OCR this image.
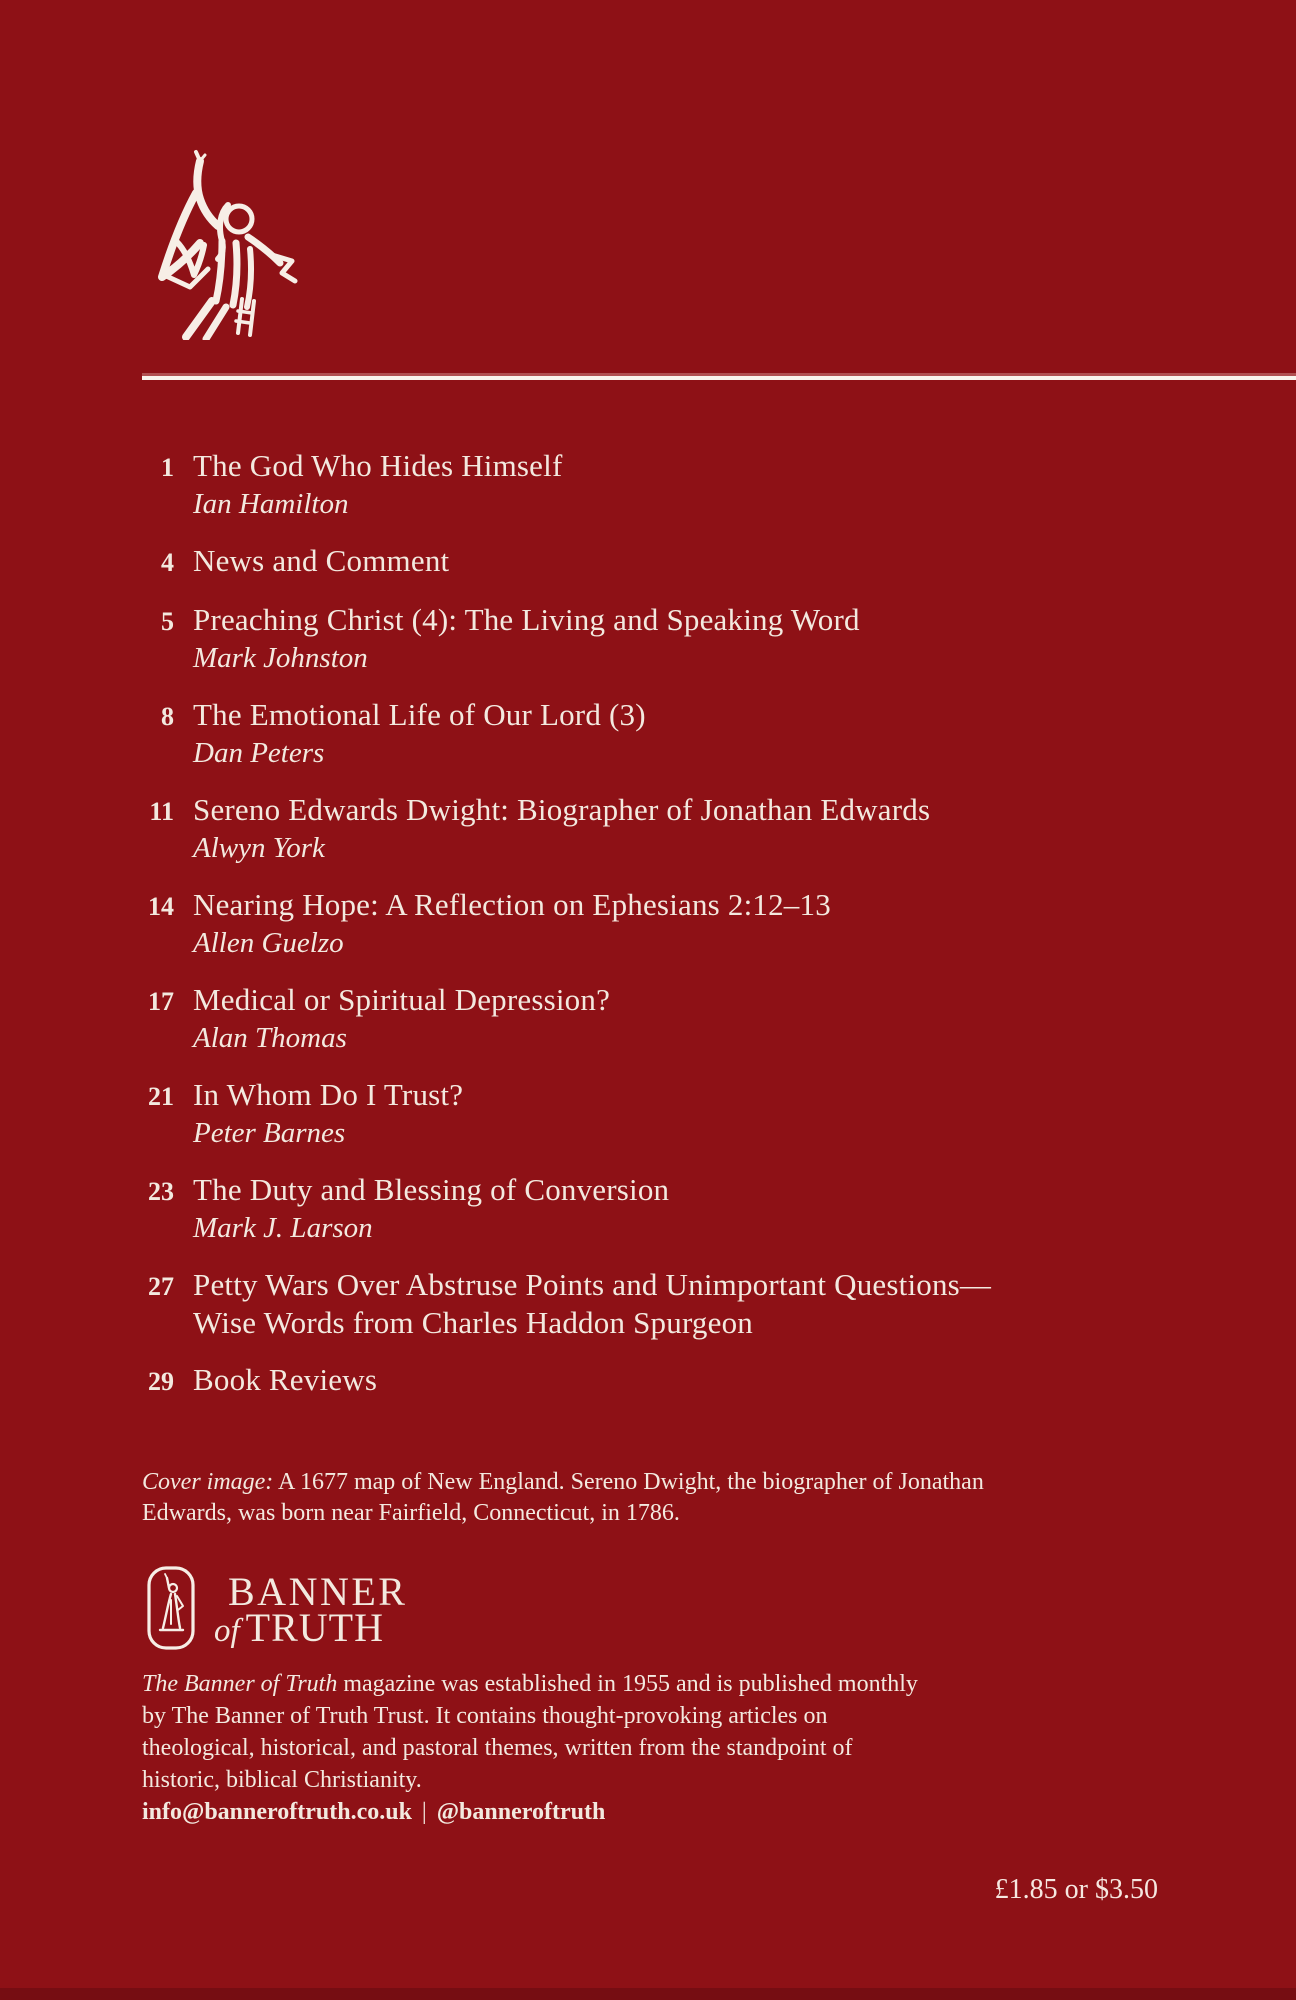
1 The God Who Hides Himself
Ian Hamilton
4 News and Comment
5 Preaching Christ (4): The Living and Speaking Word
Mark Johnston
8 The Emotional Life of Our Lord (3)
Dan Peters
11 Sereno Edwards Dwight: Biographer of Jonathan Edwards
Alwyn York
14 Nearing Hope: A Reflection on Ephesians 2:12–13
Allen Guelzo
17 Medical or Spiritual Depression?
Alan Thomas
21 In Whom Do I Trust?
Peter Barnes
23 The Duty and Blessing of Conversion
Mark J. Larson
27 Petty Wars Over Abstruse Points and Unimportant Questions—
Wise Words from Charles Haddon Spurgeon
29 Book Reviews
Cover image: A 1677 map of New England. Sereno Dwight, the biographer of Jonathan
Edwards, was born near Fairfield, Connecticut, in 1786.
BANNER
of TRUTH
The Banner of Truth magazine was established in 1955 and is published monthly
by The Banner of Truth Trust. It contains thought-provoking articles on
theological, historical, and pastoral themes, written from the standpoint of
historic, biblical Christianity.
info@banneroftruth.co.uk | @banneroftruth
£1.85 or $3.50
